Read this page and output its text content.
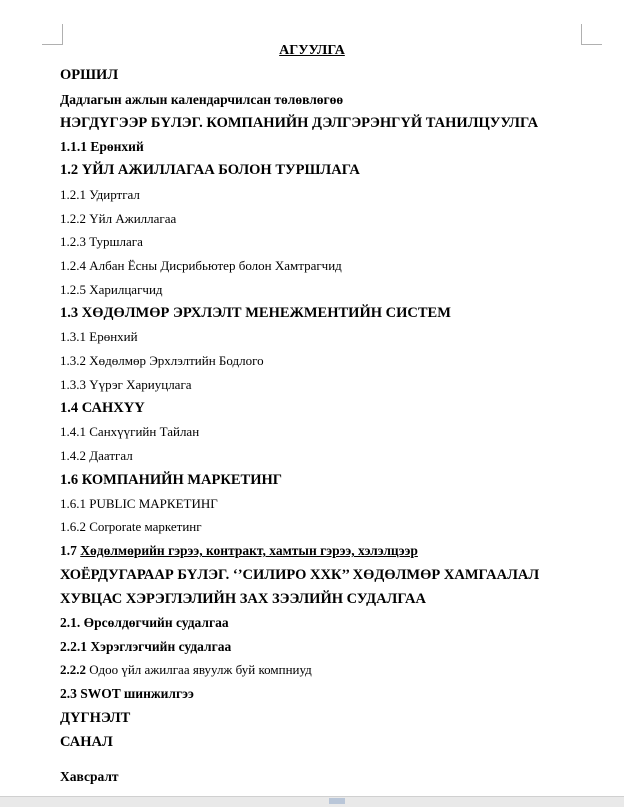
АГУУЛГА
ОРШИЛ
Дадлагын ажлын календарчилсан төлөвлөгөө
НЭГДҮГЭЭР БҮЛЭГ. КОМПАНИЙН ДЭЛГЭРЭНГҮЙ ТАНИЛЦУУЛГА
1.1.1 Ерөнхий
1.2 ҮЙЛ АЖИЛЛАГАА БОЛОН ТУРШЛАГА
1.2.1 Удиртгал
1.2.2 Үйл Ажиллагаа
1.2.3 Туршлага
1.2.4 Албан Ёсны Дисрибьютер болон Хамтрагчид
1.2.5 Харилцагчид
1.3 ХӨДӨЛМӨР ЭРХЛЭЛТ МЕНЕЖМЕНТИЙН СИСТЕМ
1.3.1 Ерөнхий
1.3.2 Хөдөлмөр Эрхлэлтийн Бодлого
1.3.3 Үүрэг Хариуцлага
1.4 САНХҮҮ
1.4.1 Санхүүгийн Тайлан
1.4.2 Даатгал
1.6 КОМПАНИЙН МАРКЕТИНГ
1.6.1 PUBLIC МАРКЕТИНГ
1.6.2 Corporate маркетинг
1.7 Хөдөлмөрийн гэрээ, контракт, хамтын гэрээ, хэлэлцээр
ХОЁРДУГАРААР БҮЛЭГ. ‘’СИЛИРО ХХК’’ ХӨДӨЛМӨР ХАМГААЛАЛ
ХУВЦАС ХЭРЭГЛЭЛИЙН ЗАХ ЗЭЭЛИЙН СУДАЛГАА
2.1. Өрсөлдөгчийн судалгаа
2.2.1 Хэрэглэгчийн судалгаа
2.2.2 Одоо үйл ажилгаа явуулж буй компниуд
2.3 SWOT шинжилгээ
ДҮГНЭЛТ
САНАЛ
Хавсралт
